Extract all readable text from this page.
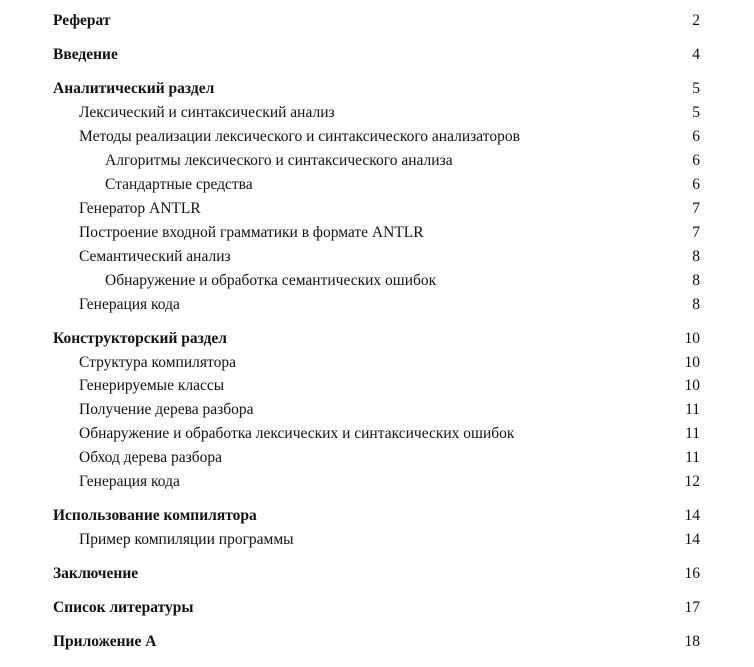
Реферат	2
Введение	4
Аналитический раздел	5
Лексический и синтаксический анализ	5
Методы реализации лексического и синтаксического анализаторов	6
Алгоритмы лексического и синтаксического анализа	6
Стандартные средства	6
Генератор ANTLR	7
Построение входной грамматики в формате ANTLR	7
Семантический анализ	8
Обнаружение и обработка семантических ошибок	8
Генерация кода	8
Конструкторский раздел	10
Структура компилятора	10
Генерируемые классы	10
Получение дерева разбора	11
Обнаружение и обработка лексических и синтаксических ошибок	11
Обход дерева разбора	11
Генерация кода	12
Использование компилятора	14
Пример компиляции программы	14
Заключение	16
Список литературы	17
Приложение А	18
